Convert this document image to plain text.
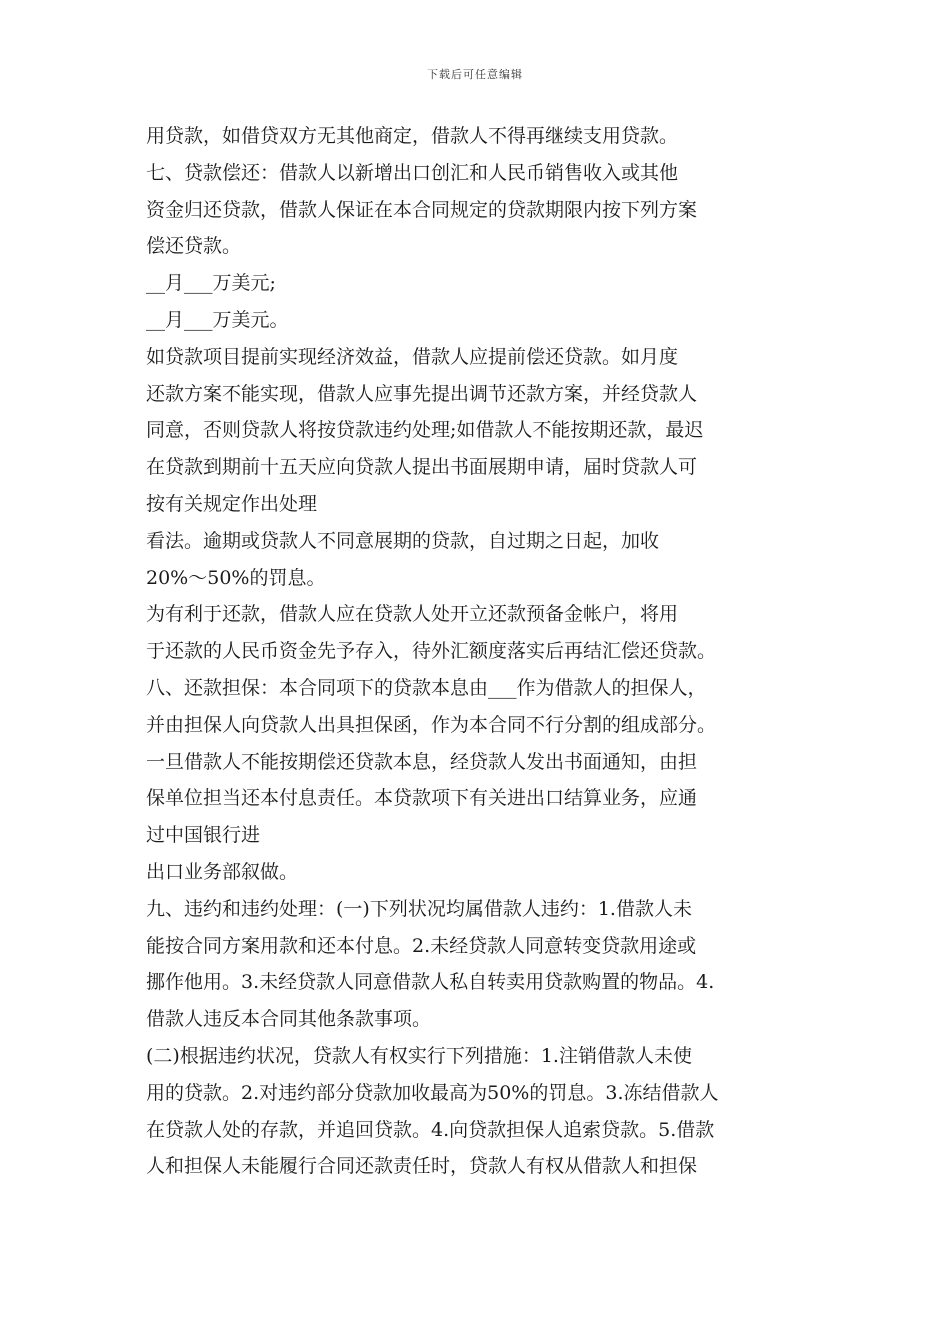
下载后可任意编辑
用贷款，如借贷双方无其他商定，借款人不得再继续支用贷款。
七、贷款偿还：借款人以新增出口创汇和人民币销售收入或其他
资金归还贷款，借款人保证在本合同规定的贷款期限内按下列方案
偿还贷款。
__月___万美元;
__月___万美元。
如贷款项目提前实现经济效益，借款人应提前偿还贷款。如月度
还款方案不能实现，借款人应事先提出调节还款方案，并经贷款人
同意，否则贷款人将按贷款违约处理;如借款人不能按期还款，最迟
在贷款到期前十五天应向贷款人提出书面展期申请，届时贷款人可
按有关规定作出处理
看法。逾期或贷款人不同意展期的贷款，自过期之日起，加收
20%～50%的罚息。
为有利于还款，借款人应在贷款人处开立还款预备金帐户，将用
于还款的人民币资金先予存入，待外汇额度落实后再结汇偿还贷款。
八、还款担保：本合同项下的贷款本息由___作为借款人的担保人，
并由担保人向贷款人出具担保函，作为本合同不行分割的组成部分。
一旦借款人不能按期偿还贷款本息，经贷款人发出书面通知，由担
保单位担当还本付息责任。本贷款项下有关进出口结算业务，应通
过中国银行进
出口业务部叙做。
九、违约和违约处理：(一)下列状况均属借款人违约：1.借款人未
能按合同方案用款和还本付息。2.未经贷款人同意转变贷款用途或
挪作他用。3.未经贷款人同意借款人私自转卖用贷款购置的物品。4.
借款人违反本合同其他条款事项。
(二)根据违约状况，贷款人有权实行下列措施：1.注销借款人未使
用的贷款。2.对违约部分贷款加收最高为50%的罚息。3.冻结借款人
在贷款人处的存款，并追回贷款。4.向贷款担保人追索贷款。5.借款
人和担保人未能履行合同还款责任时，贷款人有权从借款人和担保
